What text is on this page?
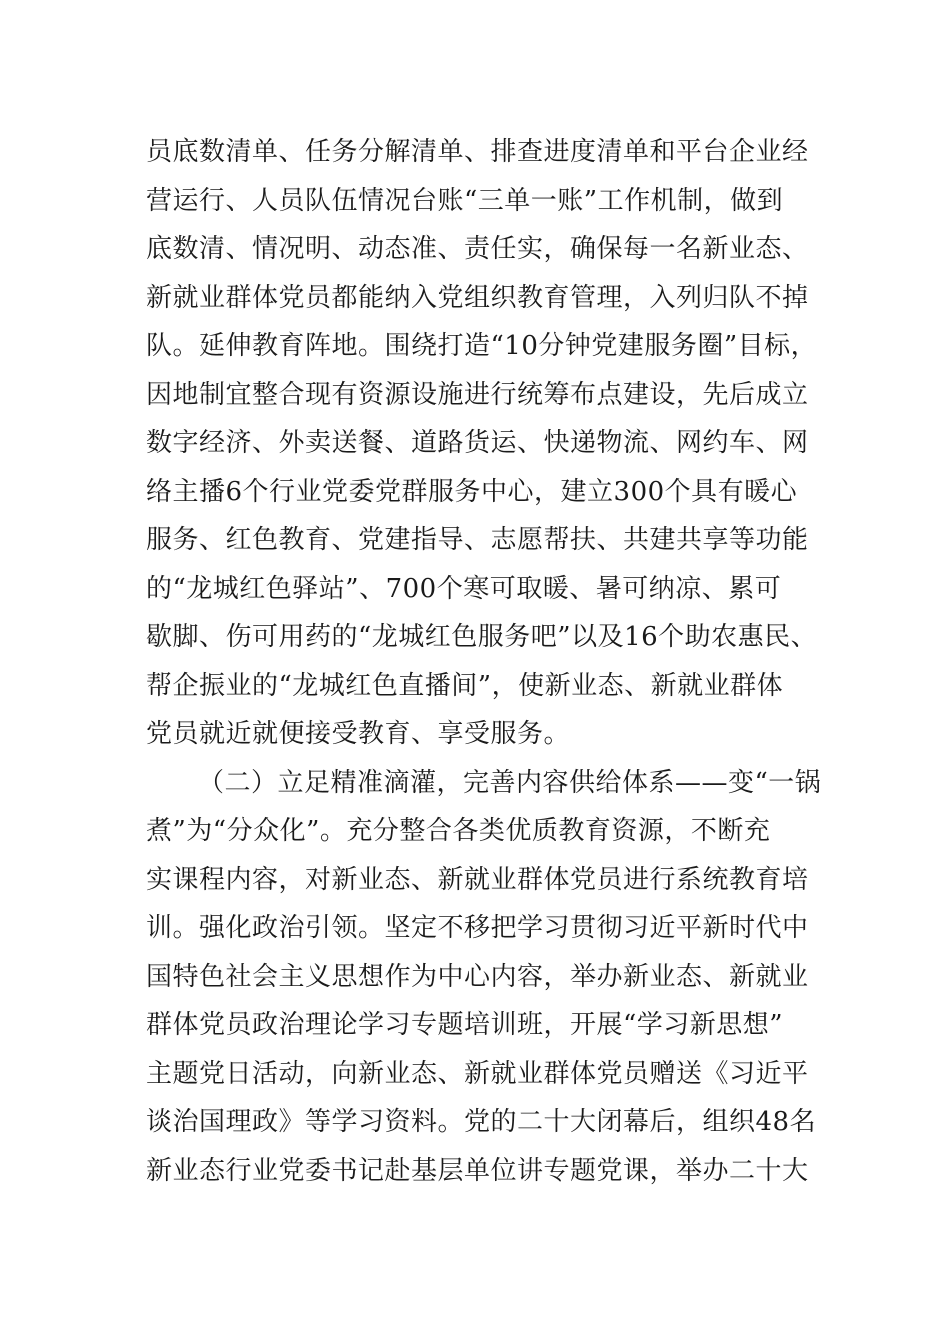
员底数清单、任务分解清单、排查进度清单和平台企业经
营运行、人员队伍情况台账“三单一账”工作机制，做到
底数清、情况明、动态准、责任实，确保每一名新业态、
新就业群体党员都能纳入党组织教育管理，入列归队不掉
队。延伸教育阵地。围绕打造“10分钟党建服务圈”目标，
因地制宜整合现有资源设施进行统筹布点建设，先后成立
数字经济、外卖送餐、道路货运、快递物流、网约车、网
络主播6个行业党委党群服务中心，建立300个具有暖心
服务、红色教育、党建指导、志愿帮扶、共建共享等功能
的“龙城红色驿站”、700个寒可取暖、暑可纳凉、累可
歇脚、伤可用药的“龙城红色服务吧”以及16个助农惠民、
帮企振业的“龙城红色直播间”，使新业态、新就业群体
党员就近就便接受教育、享受服务。
（二）立足精准滴灌，完善内容供给体系——变“一锅
煮”为“分众化”。充分整合各类优质教育资源，不断充
实课程内容，对新业态、新就业群体党员进行系统教育培
训。强化政治引领。坚定不移把学习贯彻习近平新时代中
国特色社会主义思想作为中心内容，举办新业态、新就业
群体党员政治理论学习专题培训班，开展“学习新思想”
主题党日活动，向新业态、新就业群体党员赠送《习近平
谈治国理政》等学习资料。党的二十大闭幕后，组织48名
新业态行业党委书记赴基层单位讲专题党课，举办二十大
